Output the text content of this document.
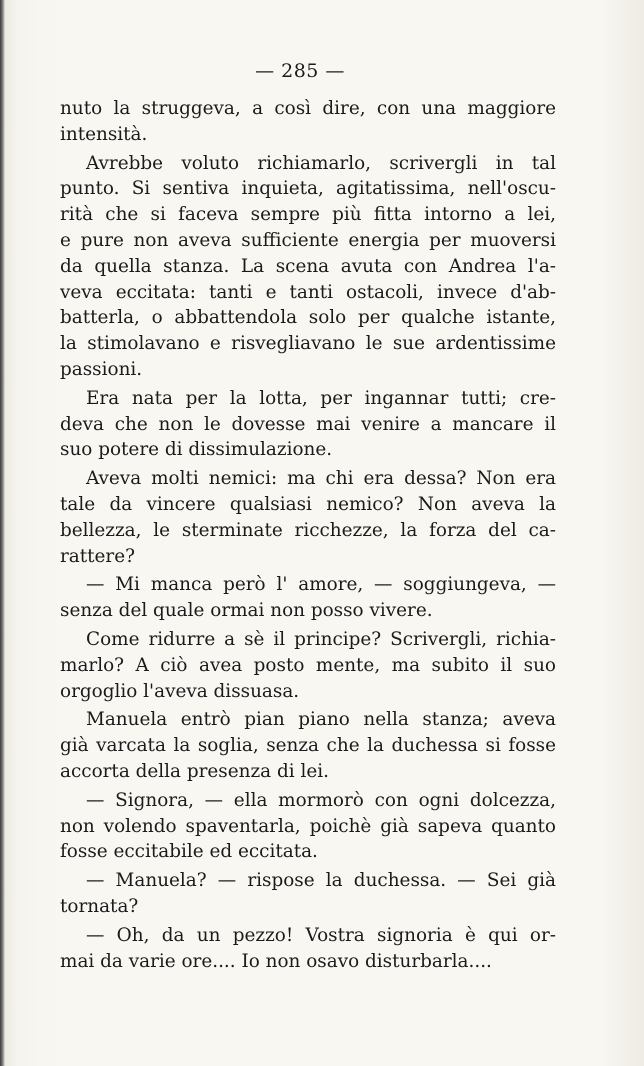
— 285 —
nuto la struggeva, a così dire, con una maggiore
intensità.
Avrebbe voluto richiamarlo, scrivergli in tal
punto. Si sentiva inquieta, agitatissima, nell'oscu-
rità che si faceva sempre più fitta intorno a lei,
e pure non aveva sufficiente energia per muoversi
da quella stanza. La scena avuta con Andrea l'a-
veva eccitata: tanti e tanti ostacoli, invece d'ab-
batterla, o abbattendola solo per qualche istante,
la stimolavano e risvegliavano le sue ardentissime
passioni.
Era nata per la lotta, per ingannar tutti; cre-
deva che non le dovesse mai venire a mancare il
suo potere di dissimulazione.
Aveva molti nemici: ma chi era dessa? Non era
tale da vincere qualsiasi nemico? Non aveva la
bellezza, le sterminate ricchezze, la forza del ca-
rattere?
— Mi manca però l' amore, — soggiungeva, —
senza del quale ormai non posso vivere.
Come ridurre a sè il principe? Scrivergli, richia-
marlo? A ciò avea posto mente, ma subito il suo
orgoglio l'aveva dissuasa.
Manuela entrò pian piano nella stanza; aveva
già varcata la soglia, senza che la duchessa si fosse
accorta della presenza di lei.
— Signora, — ella mormorò con ogni dolcezza,
non volendo spaventarla, poichè già sapeva quanto
fosse eccitabile ed eccitata.
— Manuela? — rispose la duchessa. — Sei già
tornata?
— Oh, da un pezzo! Vostra signoria è qui or-
mai da varie ore.... Io non osavo disturbarla....
